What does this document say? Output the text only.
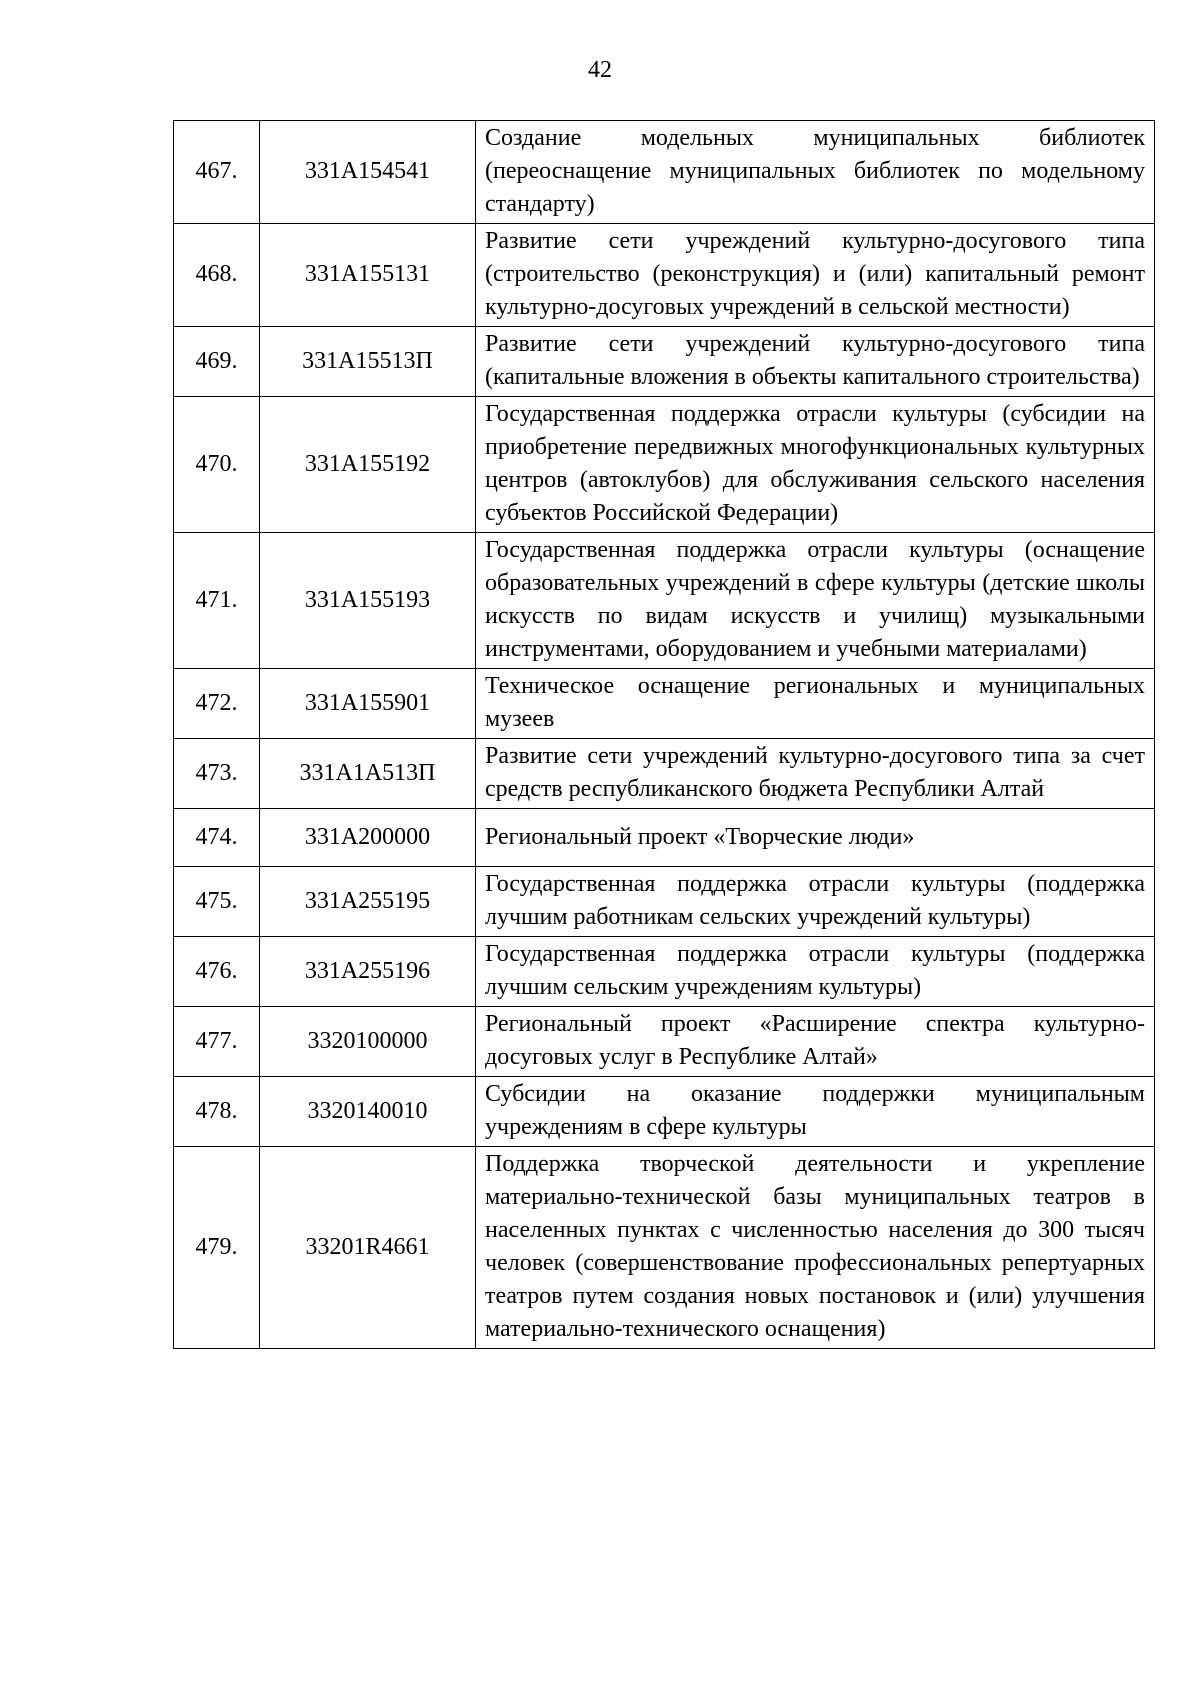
42
467.	331A154541	Создание модельных муниципальных библиотек (переоснащение муниципальных библиотек по модельному стандарту)
468.	331A155131	Развитие сети учреждений культурно-досугового типа (строительство (реконструкция) и (или) капитальный ремонт культурно-досуговых учреждений в сельской местности)
469.	331A15513П	Развитие сети учреждений культурно-досугового типа (капитальные вложения в объекты капитального строительства)
470.	331A155192	Государственная поддержка отрасли культуры (субсидии на приобретение передвижных многофункциональных культурных центров (автоклубов) для обслуживания сельского населения субъектов Российской Федерации)
471.	331A155193	Государственная поддержка отрасли культуры (оснащение образовательных учреждений в сфере культуры (детские школы искусств по видам искусств и училищ) музыкальными инструментами, оборудованием и учебными материалами)
472.	331A155901	Техническое оснащение региональных и муниципальных музеев
473.	331A1A513П	Развитие сети учреждений культурно-досугового типа за счет средств республиканского бюджета Республики Алтай
474.	331A200000	Региональный проект «Творческие люди»
475.	331A255195	Государственная поддержка отрасли культуры (поддержка лучшим работникам сельских учреждений культуры)
476.	331A255196	Государственная поддержка отрасли культуры (поддержка лучшим сельским учреждениям культуры)
477.	3320100000	Региональный проект «Расширение спектра культурно-досуговых услуг в Республике Алтай»
478.	3320140010	Субсидии на оказание поддержки муниципальным учреждениям в сфере культуры
479.	33201R4661	Поддержка творческой деятельности и укрепление материально-технической базы муниципальных театров в населенных пунктах с численностью населения до 300 тысяч человек (совершенствование профессиональных репертуарных театров путем создания новых постановок и (или) улучшения материально-технического оснащения)
